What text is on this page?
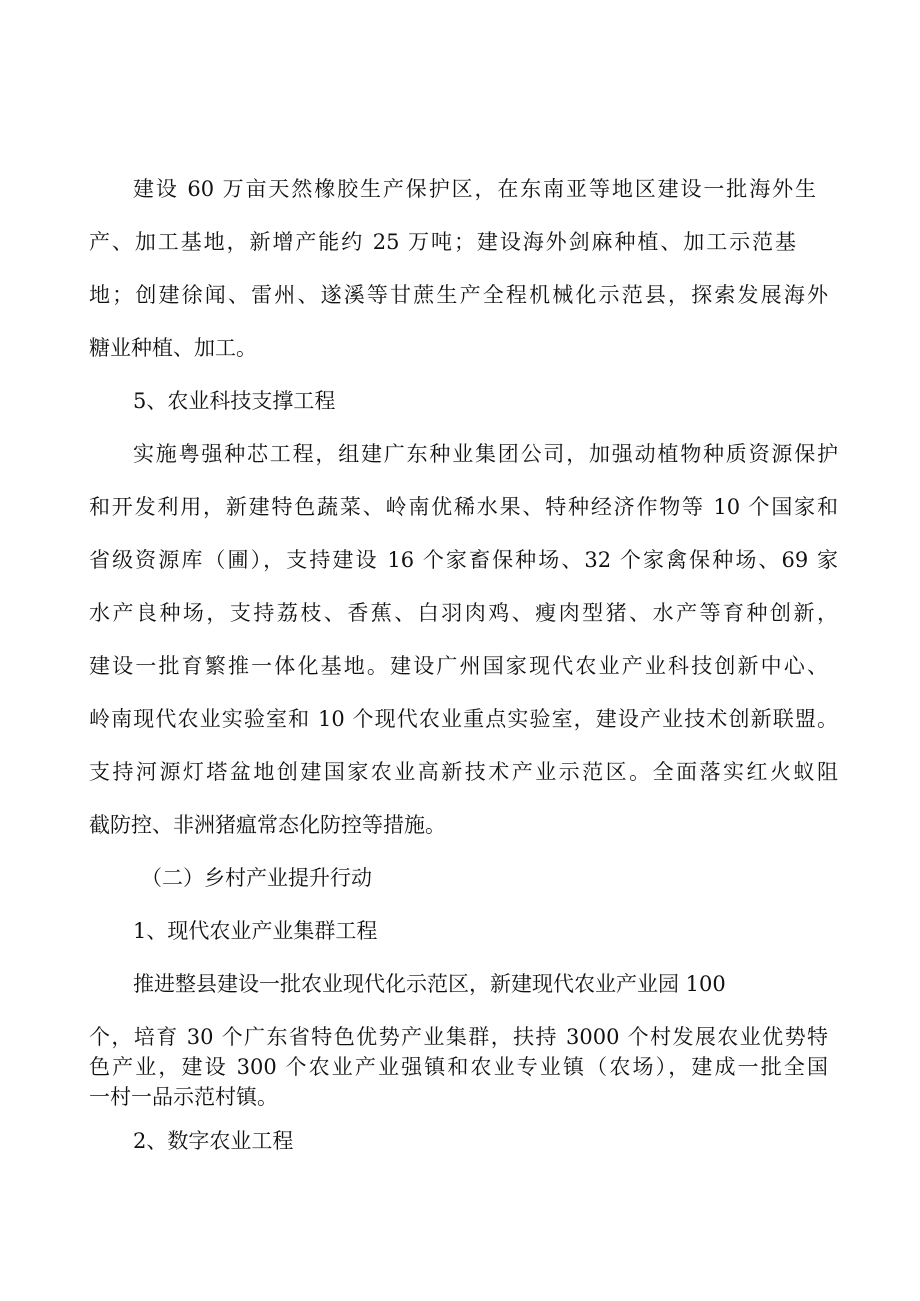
建设 60 万亩天然橡胶生产保护区，在东南亚等地区建设一批海外生

产、加工基地，新增产能约 25 万吨；建设海外剑麻种植、加工示范基

地；创建徐闻、雷州、遂溪等甘蔗生产全程机械化示范县，探索发展海外

糖业种植、加工。

5、农业科技支撑工程

实施粤强种芯工程，组建广东种业集团公司，加强动植物种质资源保护

和开发利用，新建特色蔬菜、岭南优稀水果、特种经济作物等 10 个国家和

省级资源库（圃），支持建设 16 个家畜保种场、32 个家禽保种场、69 家

水产良种场，支持荔枝、香蕉、白羽肉鸡、瘦肉型猪、水产等育种创新，

建设一批育繁推一体化基地。建设广州国家现代农业产业科技创新中心、

岭南现代农业实验室和 10 个现代农业重点实验室，建设产业技术创新联盟。

支持河源灯塔盆地创建国家农业高新技术产业示范区。全面落实红火蚁阻

截防控、非洲猪瘟常态化防控等措施。

（二）乡村产业提升行动

1、现代农业产业集群工程

推进整县建设一批农业现代化示范区，新建现代农业产业园 100

个，培育 30 个广东省特色优势产业集群，扶持 3000 个村发展农业优势特

色产业，建设 300 个农业产业强镇和农业专业镇（农场），建成一批全国

一村一品示范村镇。

2、数字农业工程
